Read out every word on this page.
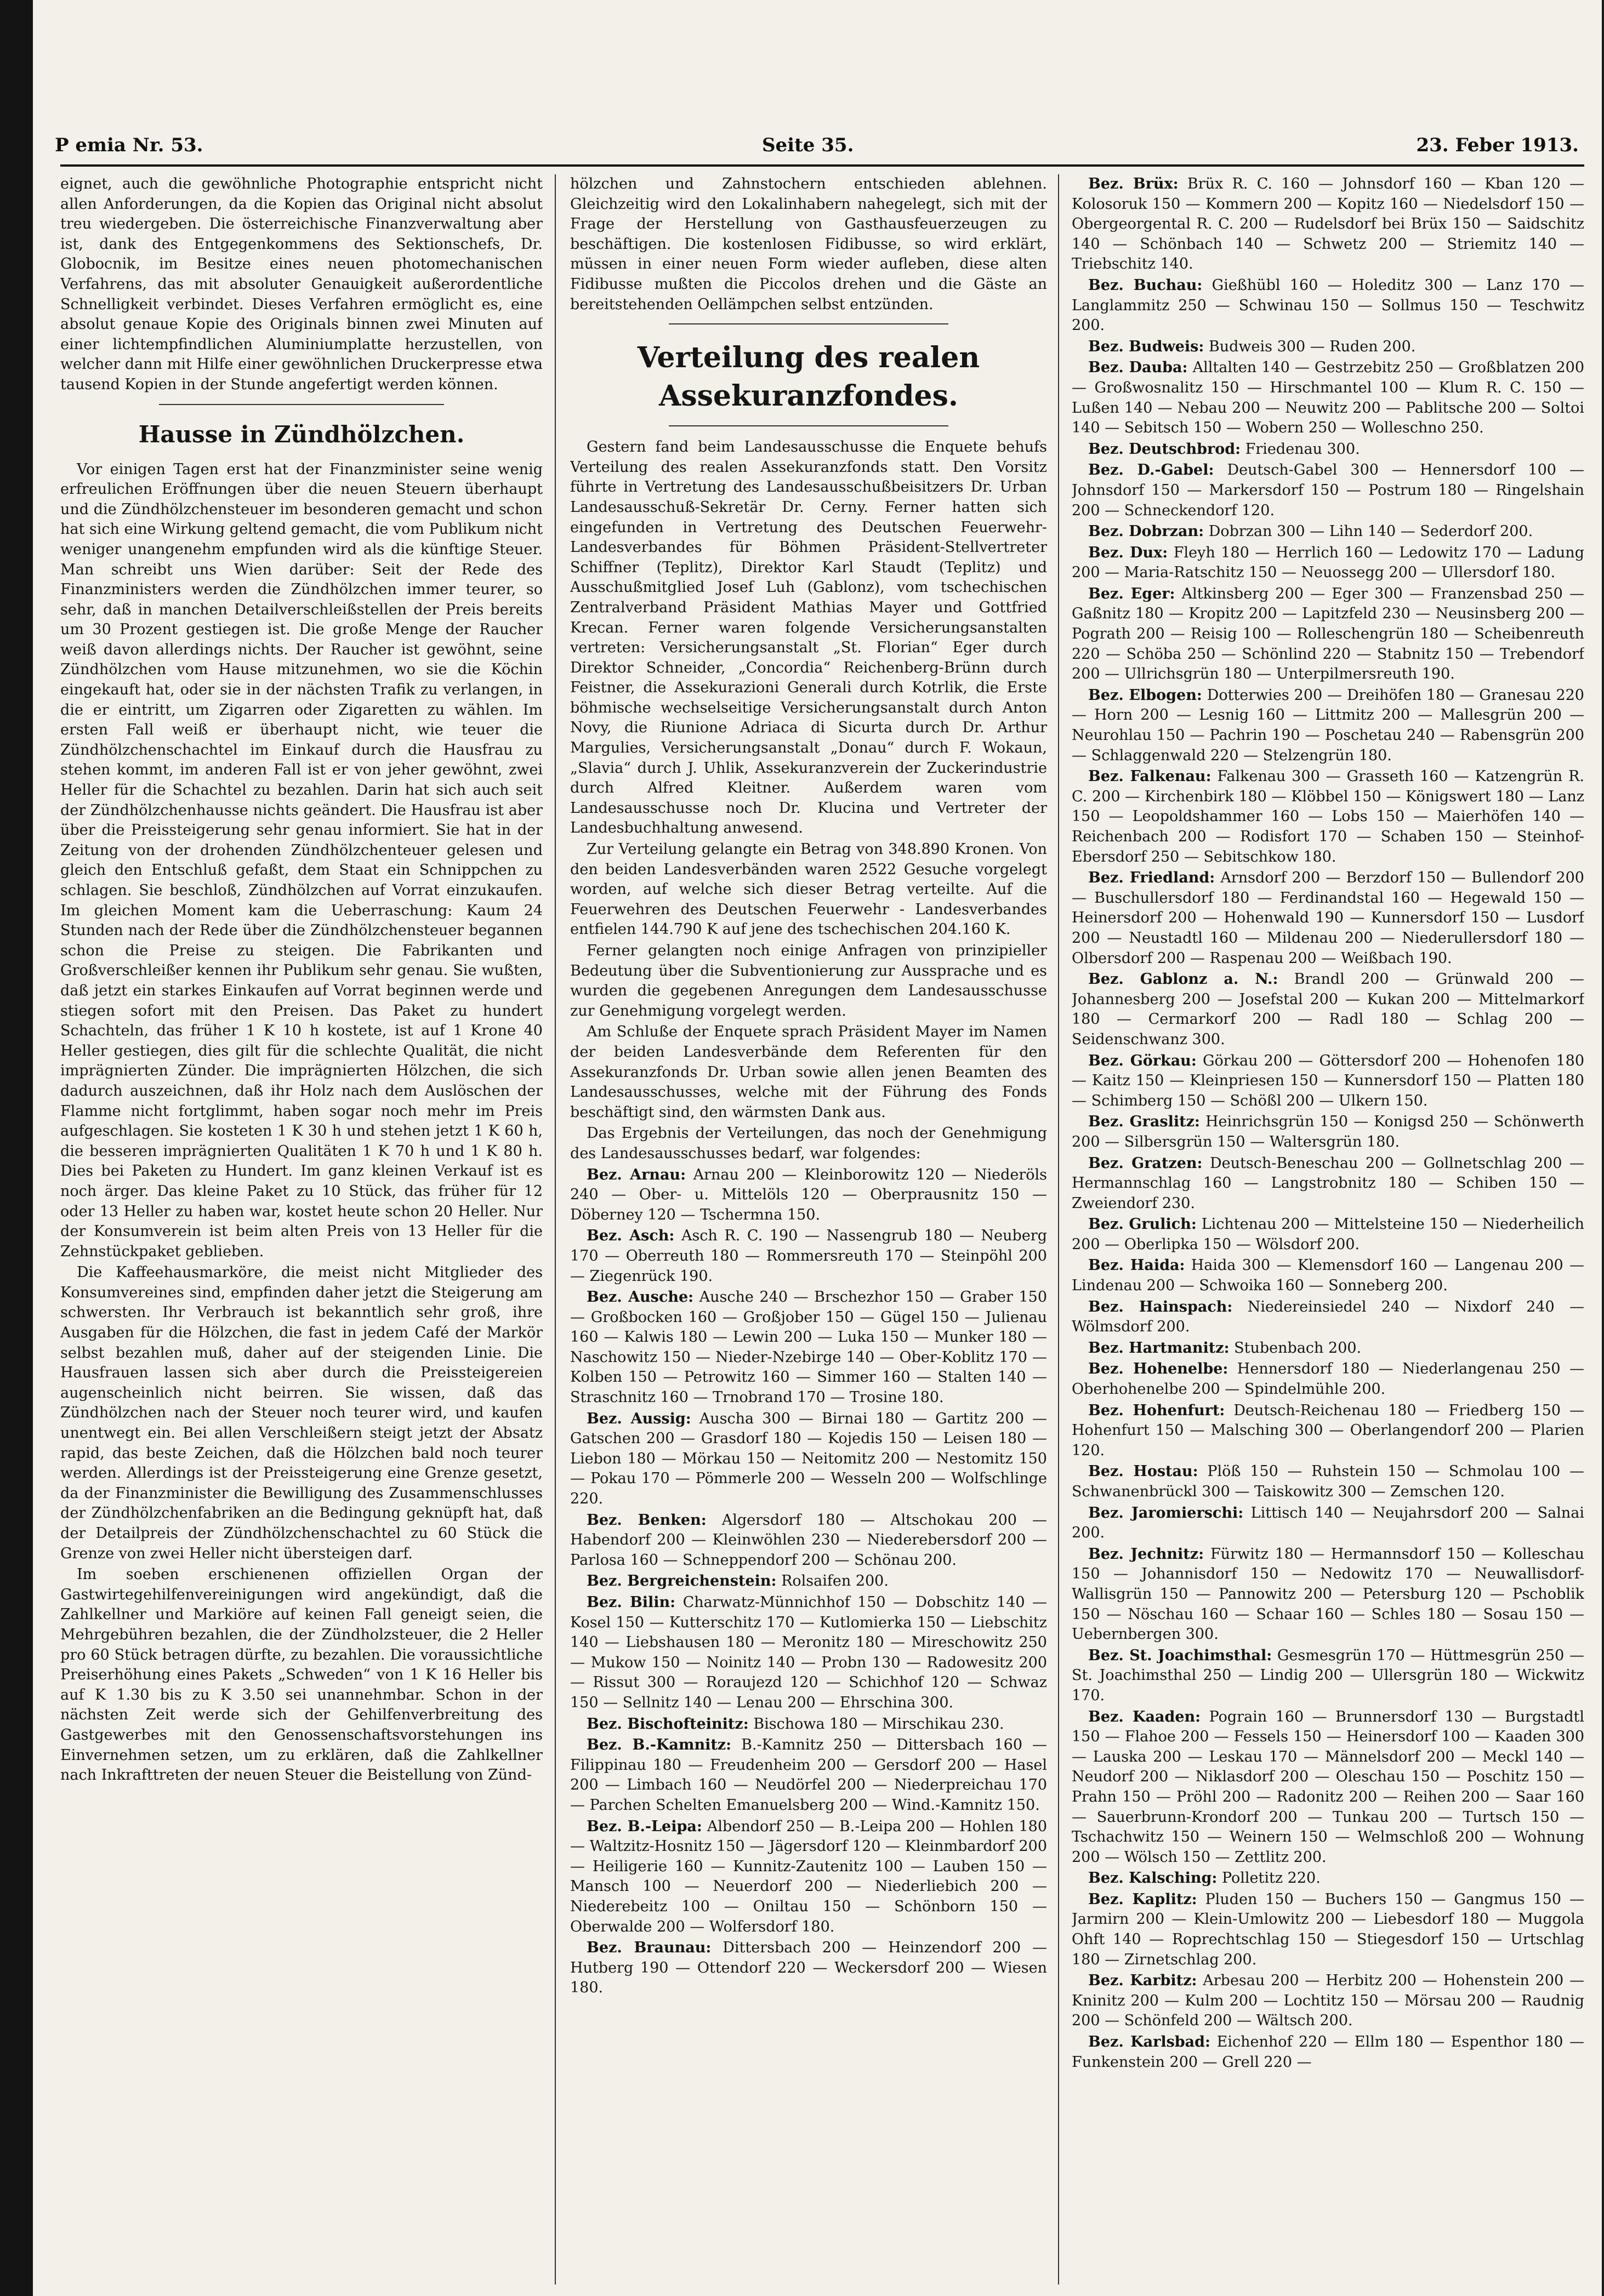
P emia Nr. 53.	Seite 35.	23. Feber 1913.

eignet, auch die gewöhnliche Photographie entspricht nicht allen Anforderungen, da die Kopien das Original nicht absolut treu wiedergeben. Die österreichische Finanzverwaltung aber ist, dank des Entgegenkommens des Sektionschefs, Dr. Globocnik, im Besitze eines neuen photomechanischen Verfahrens, das mit absoluter Genauigkeit außerordentliche Schnelligkeit verbindet. Dieses Verfahren ermöglicht es, eine absolut genaue Kopie des Originals binnen zwei Minuten auf einer lichtempfindlichen Aluminiumplatte herzustellen, von welcher dann mit Hilfe einer gewöhnlichen Druckerpresse etwa tausend Kopien in der Stunde angefertigt werden können.

Hausse in Zündhölzchen.

Vor einigen Tagen erst hat der Finanzminister seine wenig erfreulichen Eröffnungen über die neuen Steuern überhaupt und die Zündhölzchensteuer im besonderen gemacht und schon hat sich eine Wirkung geltend gemacht, die vom Publikum nicht weniger unangenehm empfunden wird als die künftige Steuer. Man schreibt uns Wien darüber: Seit der Rede des Finanzministers werden die Zündhölzchen immer teurer, so sehr, daß in manchen Detailverschleißstellen der Preis bereits um 30 Prozent gestiegen ist. Die große Menge der Raucher weiß davon allerdings nichts. Der Raucher ist gewöhnt, seine Zündhölzchen vom Hause mitzunehmen, wo sie die Köchin eingekauft hat, oder sie in der nächsten Trafik zu verlangen, in die er eintritt, um Zigarren oder Zigaretten zu wählen. Im ersten Fall weiß er überhaupt nicht, wie teuer die Zündhölzchenschachtel im Einkauf durch die Hausfrau zu stehen kommt, im anderen Fall ist er von jeher gewöhnt, zwei Heller für die Schachtel zu bezahlen. Darin hat sich auch seit der Zündhölzchenhausse nichts geändert. Die Hausfrau ist aber über die Preissteigerung sehr genau informiert. Sie hat in der Zeitung von der drohenden Zündhölzchenteuer gelesen und gleich den Entschluß gefaßt, dem Staat ein Schnippchen zu schlagen. Sie beschloß, Zündhölzchen auf Vorrat einzukaufen. Im gleichen Moment kam die Ueberraschung: Kaum 24 Stunden nach der Rede über die Zündhölzchensteuer begannen schon die Preise zu steigen. Die Fabrikanten und Großverschleißer kennen ihr Publikum sehr genau. Sie wußten, daß jetzt ein starkes Einkaufen auf Vorrat beginnen werde und stiegen sofort mit den Preisen. Das Paket zu hundert Schachteln, das früher 1 K 10 h kostete, ist auf 1 Krone 40 Heller gestiegen, dies gilt für die schlechte Qualität, die nicht imprägnierten Zünder. Die imprägnierten Hölzchen, die sich dadurch auszeichnen, daß ihr Holz nach dem Auslöschen der Flamme nicht fortglimmt, haben sogar noch mehr im Preis aufgeschlagen. Sie kosteten 1 K 30 h und stehen jetzt 1 K 60 h, die besseren imprägnierten Qualitäten 1 K 70 h und 1 K 80 h. Dies bei Paketen zu Hundert. Im ganz kleinen Verkauf ist es noch ärger. Das kleine Paket zu 10 Stück, das früher für 12 oder 13 Heller zu haben war, kostet heute schon 20 Heller. Nur der Konsumverein ist beim alten Preis von 13 Heller für die Zehnstückpaket geblieben.

Die Kaffeehausmarköre, die meist nicht Mitglieder des Konsumvereines sind, empfinden daher jetzt die Steigerung am schwersten. Ihr Verbrauch ist bekanntlich sehr groß, ihre Ausgaben für die Hölzchen, die fast in jedem Café der Markör selbst bezahlen muß, daher auf der steigenden Linie. Die Hausfrauen lassen sich aber durch die Preissteigereien augenscheinlich nicht beirren. Sie wissen, daß das Zündhölzchen nach der Steuer noch teurer wird, und kaufen unentwegt ein. Bei allen Verschleißern steigt jetzt der Absatz rapid, das beste Zeichen, daß die Hölzchen bald noch teurer werden. Allerdings ist der Preissteigerung eine Grenze gesetzt, da der Finanzminister die Bewilligung des Zusammenschlusses der Zündhölzchenfabriken an die Bedingung geknüpft hat, daß der Detailpreis der Zündhölzchenschachtel zu 60 Stück die Grenze von zwei Heller nicht übersteigen darf.

Im soeben erschienenen offiziellen Organ der Gastwirtegehilfenvereinigungen wird angekündigt, daß die Zahlkellner und Markiöre auf keinen Fall geneigt seien, die Mehrgebühren bezahlen, die der Zündholzsteuer, die 2 Heller pro 60 Stück betragen dürfte, zu bezahlen. Die voraussichtliche Preiserhöhung eines Pakets „Schweden“ von 1 K 16 Heller bis auf K 1.30 bis zu K 3.50 sei unannehmbar. Schon in der nächsten Zeit werde sich der Gehilfenverbreitung des Gastgewerbes mit den Genossenschaftsvorstehungen ins Einvernehmen setzen, um zu erklären, daß die Zahlkellner nach Inkrafttreten der neuen Steuer die Beistellung von Zünd-

hölzchen und Zahnstochern entschieden ablehnen. Gleichzeitig wird den Lokalinhabern nahegelegt, sich mit der Frage der Herstellung von Gasthausfeuerzeugen zu beschäftigen. Die kostenlosen Fidibusse, so wird erklärt, müssen in einer neuen Form wieder aufleben, diese alten Fidibusse mußten die Piccolos drehen und die Gäste an bereitstehenden Oellämpchen selbst entzünden.

Verteilung des realen Assekuranzfondes.

Gestern fand beim Landesausschusse die Enquete behufs Verteilung des realen Assekuranzfonds statt. Den Vorsitz führte in Vertretung des Landesausschußbeisitzers Dr. Urban Landesausschuß-Sekretär Dr. Cerny. Ferner hatten sich eingefunden in Vertretung des Deutschen Feuerwehr-Landesverbandes für Böhmen Präsident-Stellvertreter Schiffner (Teplitz), Direktor Karl Staudt (Teplitz) und Ausschußmitglied Josef Luh (Gablonz), vom tschechischen Zentralverband Präsident Mathias Mayer und Gottfried Krecan. Ferner waren folgende Versicherungsanstalten vertreten: Versicherungsanstalt „St. Florian“ Eger durch Direktor Schneider, „Concordia“ Reichenberg-Brünn durch Feistner, die Assekurazioni Generali durch Kotrlik, die Erste böhmische wechselseitige Versicherungsanstalt durch Anton Novy, die Riunione Adriaca di Sicurta durch Dr. Arthur Margulies, Versicherungsanstalt „Donau“ durch F. Wokaun, „Slavia“ durch J. Uhlik, Assekuranzverein der Zuckerindustrie durch Alfred Kleitner. Außerdem waren vom Landesausschusse noch Dr. Klucina und Vertreter der Landesbuchhaltung anwesend.

Zur Verteilung gelangte ein Betrag von 348.890 Kronen. Von den beiden Landesverbänden waren 2522 Gesuche vorgelegt worden, auf welche sich dieser Betrag verteilte. Auf die Feuerwehren des Deutschen Feuerwehr - Landesverbandes entfielen 144.790 K auf jene des tschechischen 204.160 K.

Ferner gelangten noch einige Anfragen von prinzipieller Bedeutung über die Subventionierung zur Aussprache und es wurden die gegebenen Anregungen dem Landesausschusse zur Genehmigung vorgelegt werden.

Am Schluße der Enquete sprach Präsident Mayer im Namen der beiden Landesverbände dem Referenten für den Assekuranzfonds Dr. Urban sowie allen jenen Beamten des Landesausschusses, welche mit der Führung des Fonds beschäftigt sind, den wärmsten Dank aus.

Das Ergebnis der Verteilungen, das noch der Genehmigung des Landesausschusses bedarf, war folgendes:

Bez. Arnau: Arnau 200 — Kleinborowitz 120 — Niederöls 240 — Ober- u. Mittelöls 120 — Oberprausnitz 150 — Döberney 120 — Tschermna 150.

Bez. Asch: Asch R. C. 190 — Nassengrub 180 — Neuberg 170 — Oberreuth 180 — Rommersreuth 170 — Steinpöhl 200 — Ziegenrück 190.

Bez. Ausche: Ausche 240 — Brschezhor 150 — Graber 150 — Großbocken 160 — Großjober 150 — Gügel 150 — Julienau 160 — Kalwis 180 — Lewin 200 — Luka 150 — Munker 180 — Naschowitz 150 — Nieder-Nzebirge 140 — Ober-Koblitz 170 — Kolben 150 — Petrowitz 160 — Simmer 160 — Stalten 140 — Straschnitz 160 — Trnobrand 170 — Trosine 180.

Bez. Aussig: Auscha 300 — Birnai 180 — Gartitz 200 — Gatschen 200 — Grasdorf 180 — Kojedis 150 — Leisen 180 — Liebon 180 — Mörkau 150 — Neitomitz 200 — Nestomitz 150 — Pokau 170 — Pömmerle 200 — Wesseln 200 — Wolfschlinge 220.

Bez. Benken: Algersdorf 180 — Altschokau 200 — Habendorf 200 — Kleinwöhlen 230 — Niederebersdorf 200 — Parlosa 160 — Schneppendorf 200 — Schönau 200.

Bez. Bergreichenstein: Rolsaifen 200.

Bez. Bilin: Charwatz-Münnichhof 150 — Dobschitz 140 — Kosel 150 — Kutterschitz 170 — Kutlomierka 150 — Liebschitz 140 — Liebshausen 180 — Meronitz 180 — Mireschowitz 250 — Mukow 150 — Noinitz 140 — Probn 130 — Radowesitz 200 — Rissut 300 — Roraujezd 120 — Schichhof 120 — Schwaz 150 — Sellnitz 140 — Lenau 200 — Ehrschina 300.

Bez. Bischofteinitz: Bischowa 180 — Mirschikau 230.

Bez. B.-Kamnitz: B.-Kamnitz 250 — Dittersbach 160 — Filippinau 180 — Freudenheim 200 — Gersdorf 200 — Hasel 200 — Limbach 160 — Neudörfel 200 — Niederpreichau 170 — Parchen Schelten Emanuelsberg 200 — Wind.-Kamnitz 150.

Bez. B.-Leipa: Albendorf 250 — B.-Leipa 200 — Hohlen 180 — Waltzitz-Hosnitz 150 — Jägersdorf 120 — Kleinmbardorf 200 — Heiligerie 160 — Kunnitz-Zautenitz 100 — Lauben 150 — Mansch 100 — Neuerdorf 200 — Niederliebich 200 — Niederebeitz 100 — Oniltau 150 — Schönborn 150 — Oberwalde 200 — Wolfersdorf 180.

Bez. Braunau: Dittersbach 200 — Heinzendorf 200 — Hutberg 190 — Ottendorf 220 — Weckersdorf 200 — Wiesen 180.

Bez. Brüx: Brüx R. C. 160 — Johnsdorf 160 — Kban 120 — Kolosoruk 150 — Kommern 200 — Kopitz 160 — Niedelsdorf 150 — Obergeorgental R. C. 200 — Rudelsdorf bei Brüx 150 — Saidschitz 140 — Schönbach 140 — Schwetz 200 — Striemitz 140 — Triebschitz 140.

Bez. Buchau: Gießhübl 160 — Holeditz 300 — Lanz 170 — Langlammitz 250 — Schwinau 150 — Sollmus 150 — Teschwitz 200.

Bez. Budweis: Budweis 300 — Ruden 200.

Bez. Dauba: Alltalten 140 — Gestrzebitz 250 — Großblatzen 200 — Großwosnalitz 150 — Hirschmantel 100 — Klum R. C. 150 — Lußen 140 — Nebau 200 — Neuwitz 200 — Pablitsche 200 — Soltoi 140 — Sebitsch 150 — Wobern 250 — Wolleschno 250.

Bez. Deutschbrod: Friedenau 300.

Bez. D.-Gabel: Deutsch-Gabel 300 — Hennersdorf 100 — Johnsdorf 150 — Markersdorf 150 — Postrum 180 — Ringelshain 200 — Schneckendorf 120.

Bez. Dobrzan: Dobrzan 300 — Lihn 140 — Sederdorf 200.

Bez. Dux: Fleyh 180 — Herrlich 160 — Ledowitz 170 — Ladung 200 — Maria-Ratschitz 150 — Neuossegg 200 — Ullersdorf 180.

Bez. Eger: Altkinsberg 200 — Eger 300 — Franzensbad 250 — Gaßnitz 180 — Kropitz 200 — Lapitzfeld 230 — Neusinsberg 200 — Pograth 200 — Reisig 100 — Rolleschengrün 180 — Scheibenreuth 220 — Schöba 250 — Schönlind 220 — Stabnitz 150 — Trebendorf 200 — Ullrichsgrün 180 — Unterpilmersreuth 190.

Bez. Elbogen: Dotterwies 200 — Dreihöfen 180 — Granesau 220 — Horn 200 — Lesnig 160 — Littmitz 200 — Mallesgrün 200 — Neurohlau 150 — Pachrin 190 — Poschetau 240 — Rabensgrün 200 — Schlaggenwald 220 — Stelzengrün 180.

Bez. Falkenau: Falkenau 300 — Grasseth 160 — Katzengrün R. C. 200 — Kirchenbirk 180 — Klöbbel 150 — Königswert 180 — Lanz 150 — Leopoldshammer 160 — Lobs 150 — Maierhöfen 140 — Reichenbach 200 — Rodisfort 170 — Schaben 150 — Steinhof-Ebersdorf 250 — Sebitschkow 180.

Bez. Friedland: Arnsdorf 200 — Berzdorf 150 — Bullendorf 200 — Buschullersdorf 180 — Ferdinandstal 160 — Hegewald 150 — Heinersdorf 200 — Hohenwald 190 — Kunnersdorf 150 — Lusdorf 200 — Neustadtl 160 — Mildenau 200 — Niederullersdorf 180 — Olbersdorf 200 — Raspenau 200 — Weißbach 190.

Bez. Gablonz a. N.: Brandl 200 — Grünwald 200 — Johannesberg 200 — Josefstal 200 — Kukan 200 — Mittelmarkorf 180 — Cermarkorf 200 — Radl 180 — Schlag 200 — Seidenschwanz 300.

Bez. Görkau: Görkau 200 — Göttersdorf 200 — Hohenofen 180 — Kaitz 150 — Kleinpriesen 150 — Kunnersdorf 150 — Platten 180 — Schimberg 150 — Schößl 200 — Ulkern 150.

Bez. Graslitz: Heinrichsgrün 150 — Konigsd 250 — Schönwerth 200 — Silbersgrün 150 — Waltersgrün 180.

Bez. Gratzen: Deutsch-Beneschau 200 — Gollnetschlag 200 — Hermannschlag 160 — Langstrobnitz 180 — Schiben 150 — Zweiendorf 230.

Bez. Grulich: Lichtenau 200 — Mittelsteine 150 — Niederheilich 200 — Oberlipka 150 — Wölsdorf 200.

Bez. Haida: Haida 300 — Klemensdorf 160 — Langenau 200 — Lindenau 200 — Schwoika 160 — Sonneberg 200.

Bez. Hainspach: Niedereinsiedel 240 — Nixdorf 240 — Wölmsdorf 200.

Bez. Hartmanitz: Stubenbach 200.

Bez. Hohenelbe: Hennersdorf 180 — Niederlangenau 250 — Oberhohenelbe 200 — Spindelmühle 200.

Bez. Hohenfurt: Deutsch-Reichenau 180 — Friedberg 150 — Hohenfurt 150 — Malsching 300 — Oberlangendorf 200 — Plarien 120.

Bez. Hostau: Plöß 150 — Ruhstein 150 — Schmolau 100 — Schwanenbrückl 300 — Taiskowitz 300 — Zemschen 120.

Bez. Jaromierschi: Littisch 140 — Neujahrsdorf 200 — Salnai 200.

Bez. Jechnitz: Fürwitz 180 — Hermannsdorf 150 — Kolleschau 150 — Johannisdorf 150 — Nedowitz 170 — Neuwallisdorf-Wallisgrün 150 — Pannowitz 200 — Petersburg 120 — Pschoblik 150 — Nöschau 160 — Schaar 160 — Schles 180 — Sosau 150 — Uebernbergen 300.

Bez. St. Joachimsthal: Gesmesgrün 170 — Hüttmesgrün 250 — St. Joachimsthal 250 — Lindig 200 — Ullersgrün 180 — Wickwitz 170.

Bez. Kaaden: Pograin 160 — Brunnersdorf 130 — Burgstadtl 150 — Flahoe 200 — Fessels 150 — Heinersdorf 100 — Kaaden 300 — Lauska 200 — Leskau 170 — Männelsdorf 200 — Meckl 140 — Neudorf 200 — Niklasdorf 200 — Oleschau 150 — Poschitz 150 — Prahn 150 — Pröhl 200 — Radonitz 200 — Reihen 200 — Saar 160 — Sauerbrunn-Krondorf 200 — Tunkau 200 — Turtsch 150 — Tschachwitz 150 — Weinern 150 — Welmschloß 200 — Wohnung 200 — Wölsch 150 — Zettlitz 200.

Bez. Kalsching: Polletitz 220.

Bez. Kaplitz: Pluden 150 — Buchers 150 — Gangmus 150 — Jarmirn 200 — Klein-Umlowitz 200 — Liebesdorf 180 — Muggola Ohft 140 — Roprechtschlag 150 — Stiegesdorf 150 — Urtschlag 180 — Zirnetschlag 200.

Bez. Karbitz: Arbesau 200 — Herbitz 200 — Hohenstein 200 — Kninitz 200 — Kulm 200 — Lochtitz 150 — Mörsau 200 — Raudnig 200 — Schönfeld 200 — Wältsch 200.

Bez. Karlsbad: Eichenhof 220 — Ellm 180 — Espenthor 180 — Funkenstein 200 — Grell 220 —
